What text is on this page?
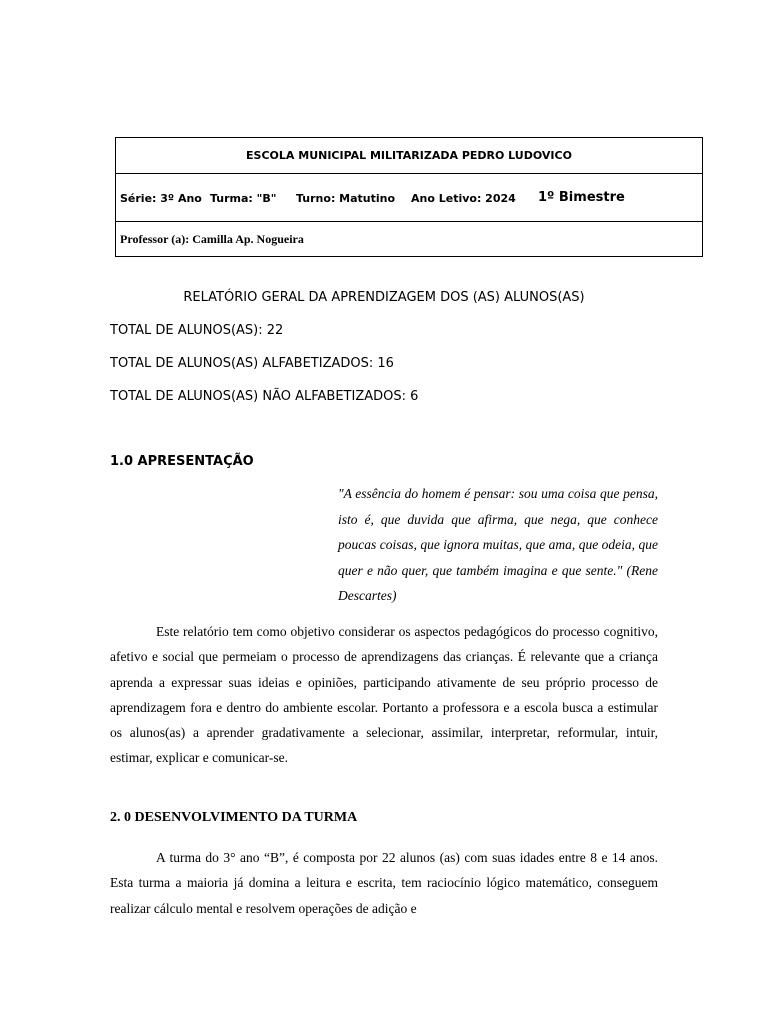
ESCOLA MUNICIPAL MILITARIZADA PEDRO LUDOVICO
Série: 3º Ano Turma: "B" Turno: Matutino Ano Letivo: 2024 1º Bimestre
Professor (a): Camilla Ap. Nogueira
RELATÓRIO GERAL DA APRENDIZAGEM DOS (AS) ALUNOS(AS)
TOTAL DE ALUNOS(AS): 22
TOTAL DE ALUNOS(AS) ALFABETIZADOS: 16
TOTAL DE ALUNOS(AS) NÃO ALFABETIZADOS: 6
1.0 APRESENTAÇÃO
"A essência do homem é pensar: sou uma coisa que pensa, isto é, que duvida que afirma, que nega, que conhece poucas coisas, que ignora muitas, que ama, que odeia, que quer e não quer, que também imagina e que sente." (Rene Descartes)
Este relatório tem como objetivo considerar os aspectos pedagógicos do processo cognitivo, afetivo e social que permeiam o processo de aprendizagens das crianças. É relevante que a criança aprenda a expressar suas ideias e opiniões, participando ativamente de seu próprio processo de aprendizagem fora e dentro do ambiente escolar. Portanto a professora e a escola busca a estimular os alunos(as) a aprender gradativamente a selecionar, assimilar, interpretar, reformular, intuir, estimar, explicar e comunicar-se.
2. 0 DESENVOLVIMENTO DA TURMA
A turma do 3° ano “B”, é composta por 22 alunos (as) com suas idades entre 8 e 14 anos. Esta turma a maioria já domina a leitura e escrita, tem raciocínio lógico matemático, conseguem realizar cálculo mental e resolvem operações de adição e
